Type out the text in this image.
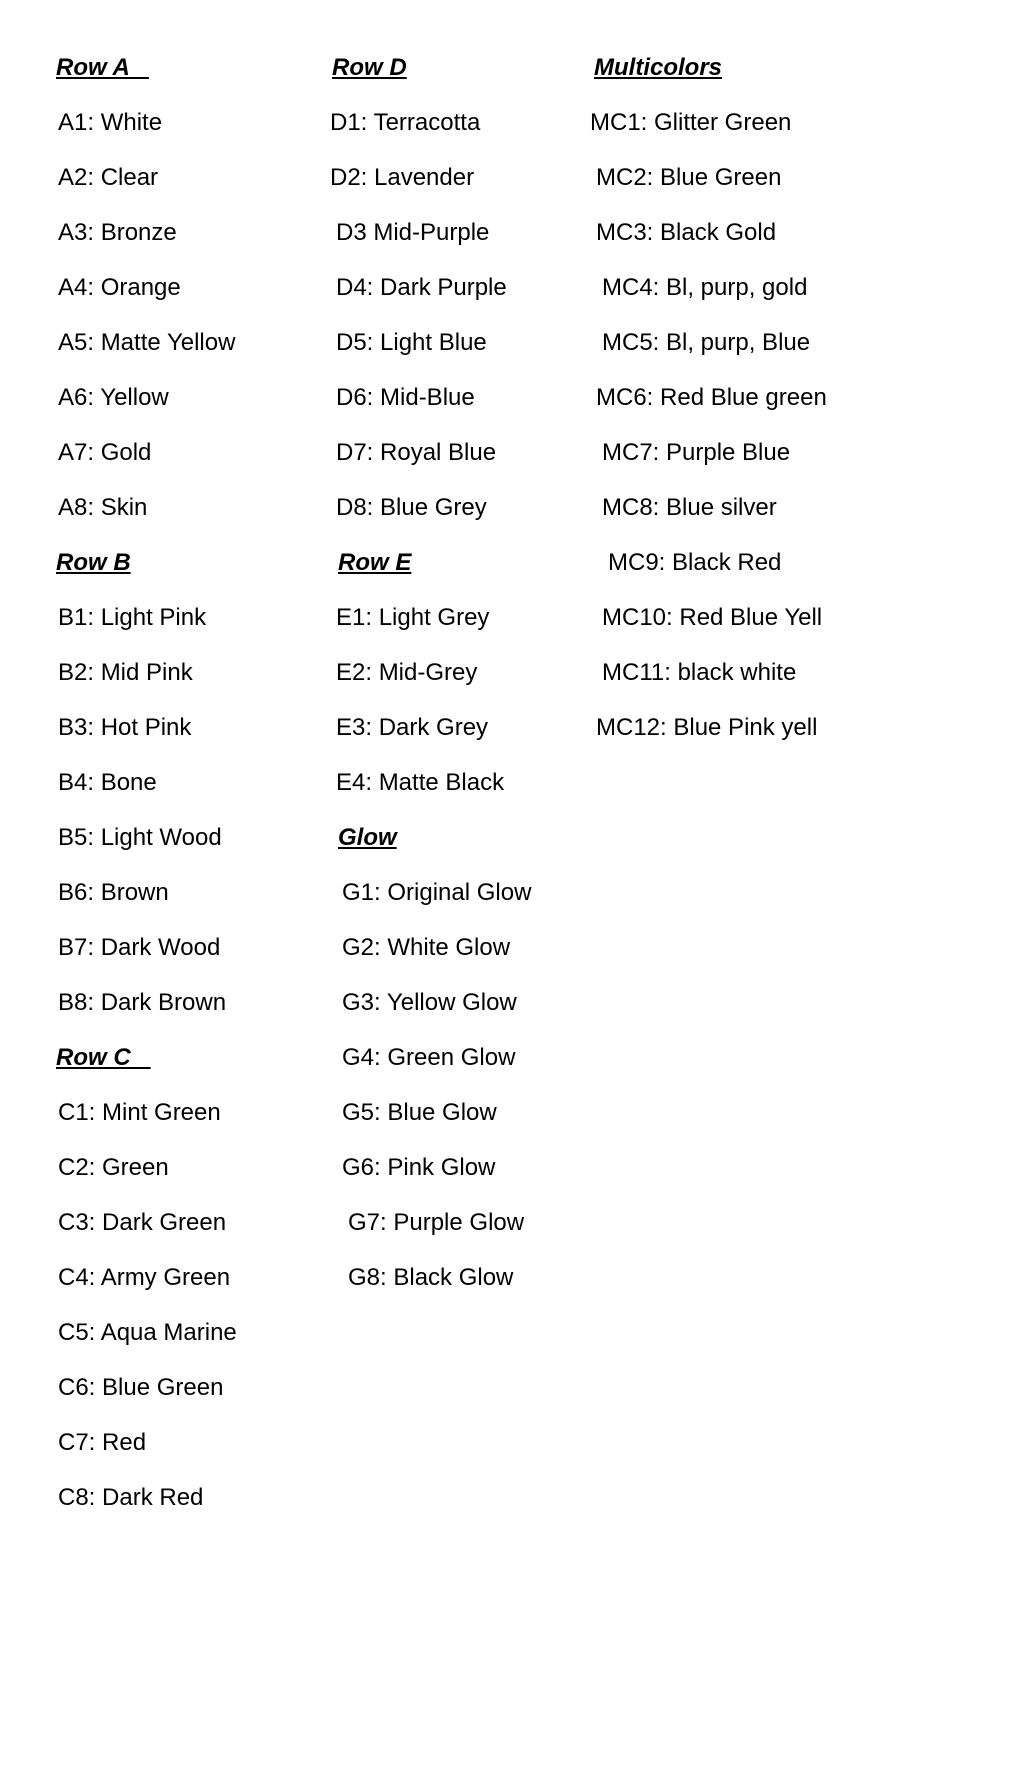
Row A
A1: White
A2: Clear
A3: Bronze
A4: Orange
A5: Matte Yellow
A6: Yellow
A7: Gold
A8: Skin
Row B
B1: Light Pink
B2: Mid Pink
B3: Hot Pink
B4: Bone
B5: Light Wood
B6: Brown
B7: Dark Wood
B8: Dark Brown
Row C
C1: Mint Green
C2: Green
C3: Dark Green
C4: Army Green
C5: Aqua Marine
C6: Blue Green
C7: Red
C8: Dark Red
Row D
D1: Terracotta
D2: Lavender
D3 Mid-Purple
D4: Dark Purple
D5: Light Blue
D6: Mid-Blue
D7: Royal Blue
D8: Blue Grey
Row E
E1: Light Grey
E2: Mid-Grey
E3: Dark Grey
E4: Matte Black
Glow
G1: Original Glow
G2: White Glow
G3: Yellow Glow
G4: Green Glow
G5: Blue Glow
G6: Pink Glow
G7: Purple Glow
G8: Black Glow
Multicolors
MC1: Glitter Green
MC2: Blue Green
MC3: Black Gold
MC4: Bl, purp, gold
MC5: Bl, purp, Blue
MC6: Red Blue green
MC7: Purple Blue
MC8: Blue silver
MC9: Black Red
MC10: Red Blue Yell
MC11: black white
MC12: Blue Pink yell
